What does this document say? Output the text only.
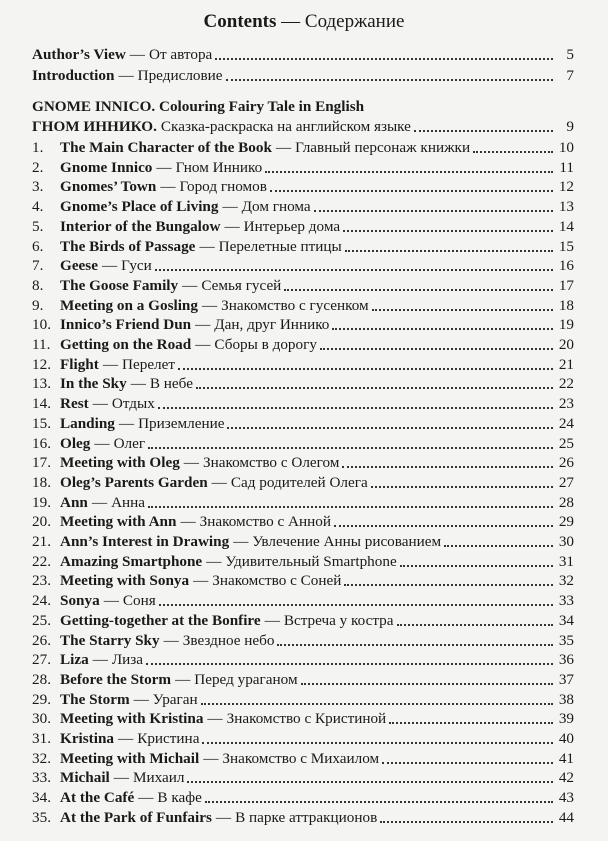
Contents — Содержание
Author’s View — От автора	5
Introduction — Предисловие	7
GNOME INNICO. Colouring Fairy Tale in English
ГНОМ ИННИКО. Сказка-раскраска на английском языке	9
1.	The Main Character of the Book — Главный персонаж книжки	10
2.	Gnome Innico — Гном Иннико	11
3.	Gnomes’ Town — Город гномов	12
4.	Gnome’s Place of Living — Дом гнома	13
5.	Interior of the Bungalow — Интерьер дома	14
6.	The Birds of Passage — Перелетные птицы	15
7.	Geese — Гуси	16
8.	The Goose Family — Семья гусей	17
9.	Meeting on a Gosling — Знакомство с гусенком	18
10. Innico’s Friend Dun — Дан, друг Иннико	19
11. Getting on the Road — Сборы в дорогу	20
12. Flight — Перелет	21
13. In the Sky — В небе	22
14. Rest — Отдых	23
15. Landing — Приземление	24
16. Oleg — Олег	25
17. Meeting with Oleg — Знакомство с Олегом	26
18. Oleg’s Parents Garden — Сад родителей Олега	27
19. Ann — Анна	28
20. Meeting with Ann — Знакомство с Анной	29
21. Ann’s Interest in Drawing — Увлечение Анны рисованием	30
22. Amazing Smartphone — Удивительный Smartphone	31
23. Meeting with Sonya — Знакомство с Соней	32
24. Sonya — Соня	33
25. Getting-together at the Bonfire — Встреча у костра	34
26. The Starry Sky — Звездное небо	35
27. Liza — Лиза	36
28. Before the Storm — Перед ураганом	37
29. The Storm — Ураган	38
30. Meeting with Kristina — Знакомство с Кристиной	39
31. Kristina — Кристина	40
32. Meeting with Michail — Знакомство с Михаилом	41
33. Michail — Михаил	42
34. At the Café — В кафе	43
35. At the Park of Funfairs — В парке аттракционов	44
